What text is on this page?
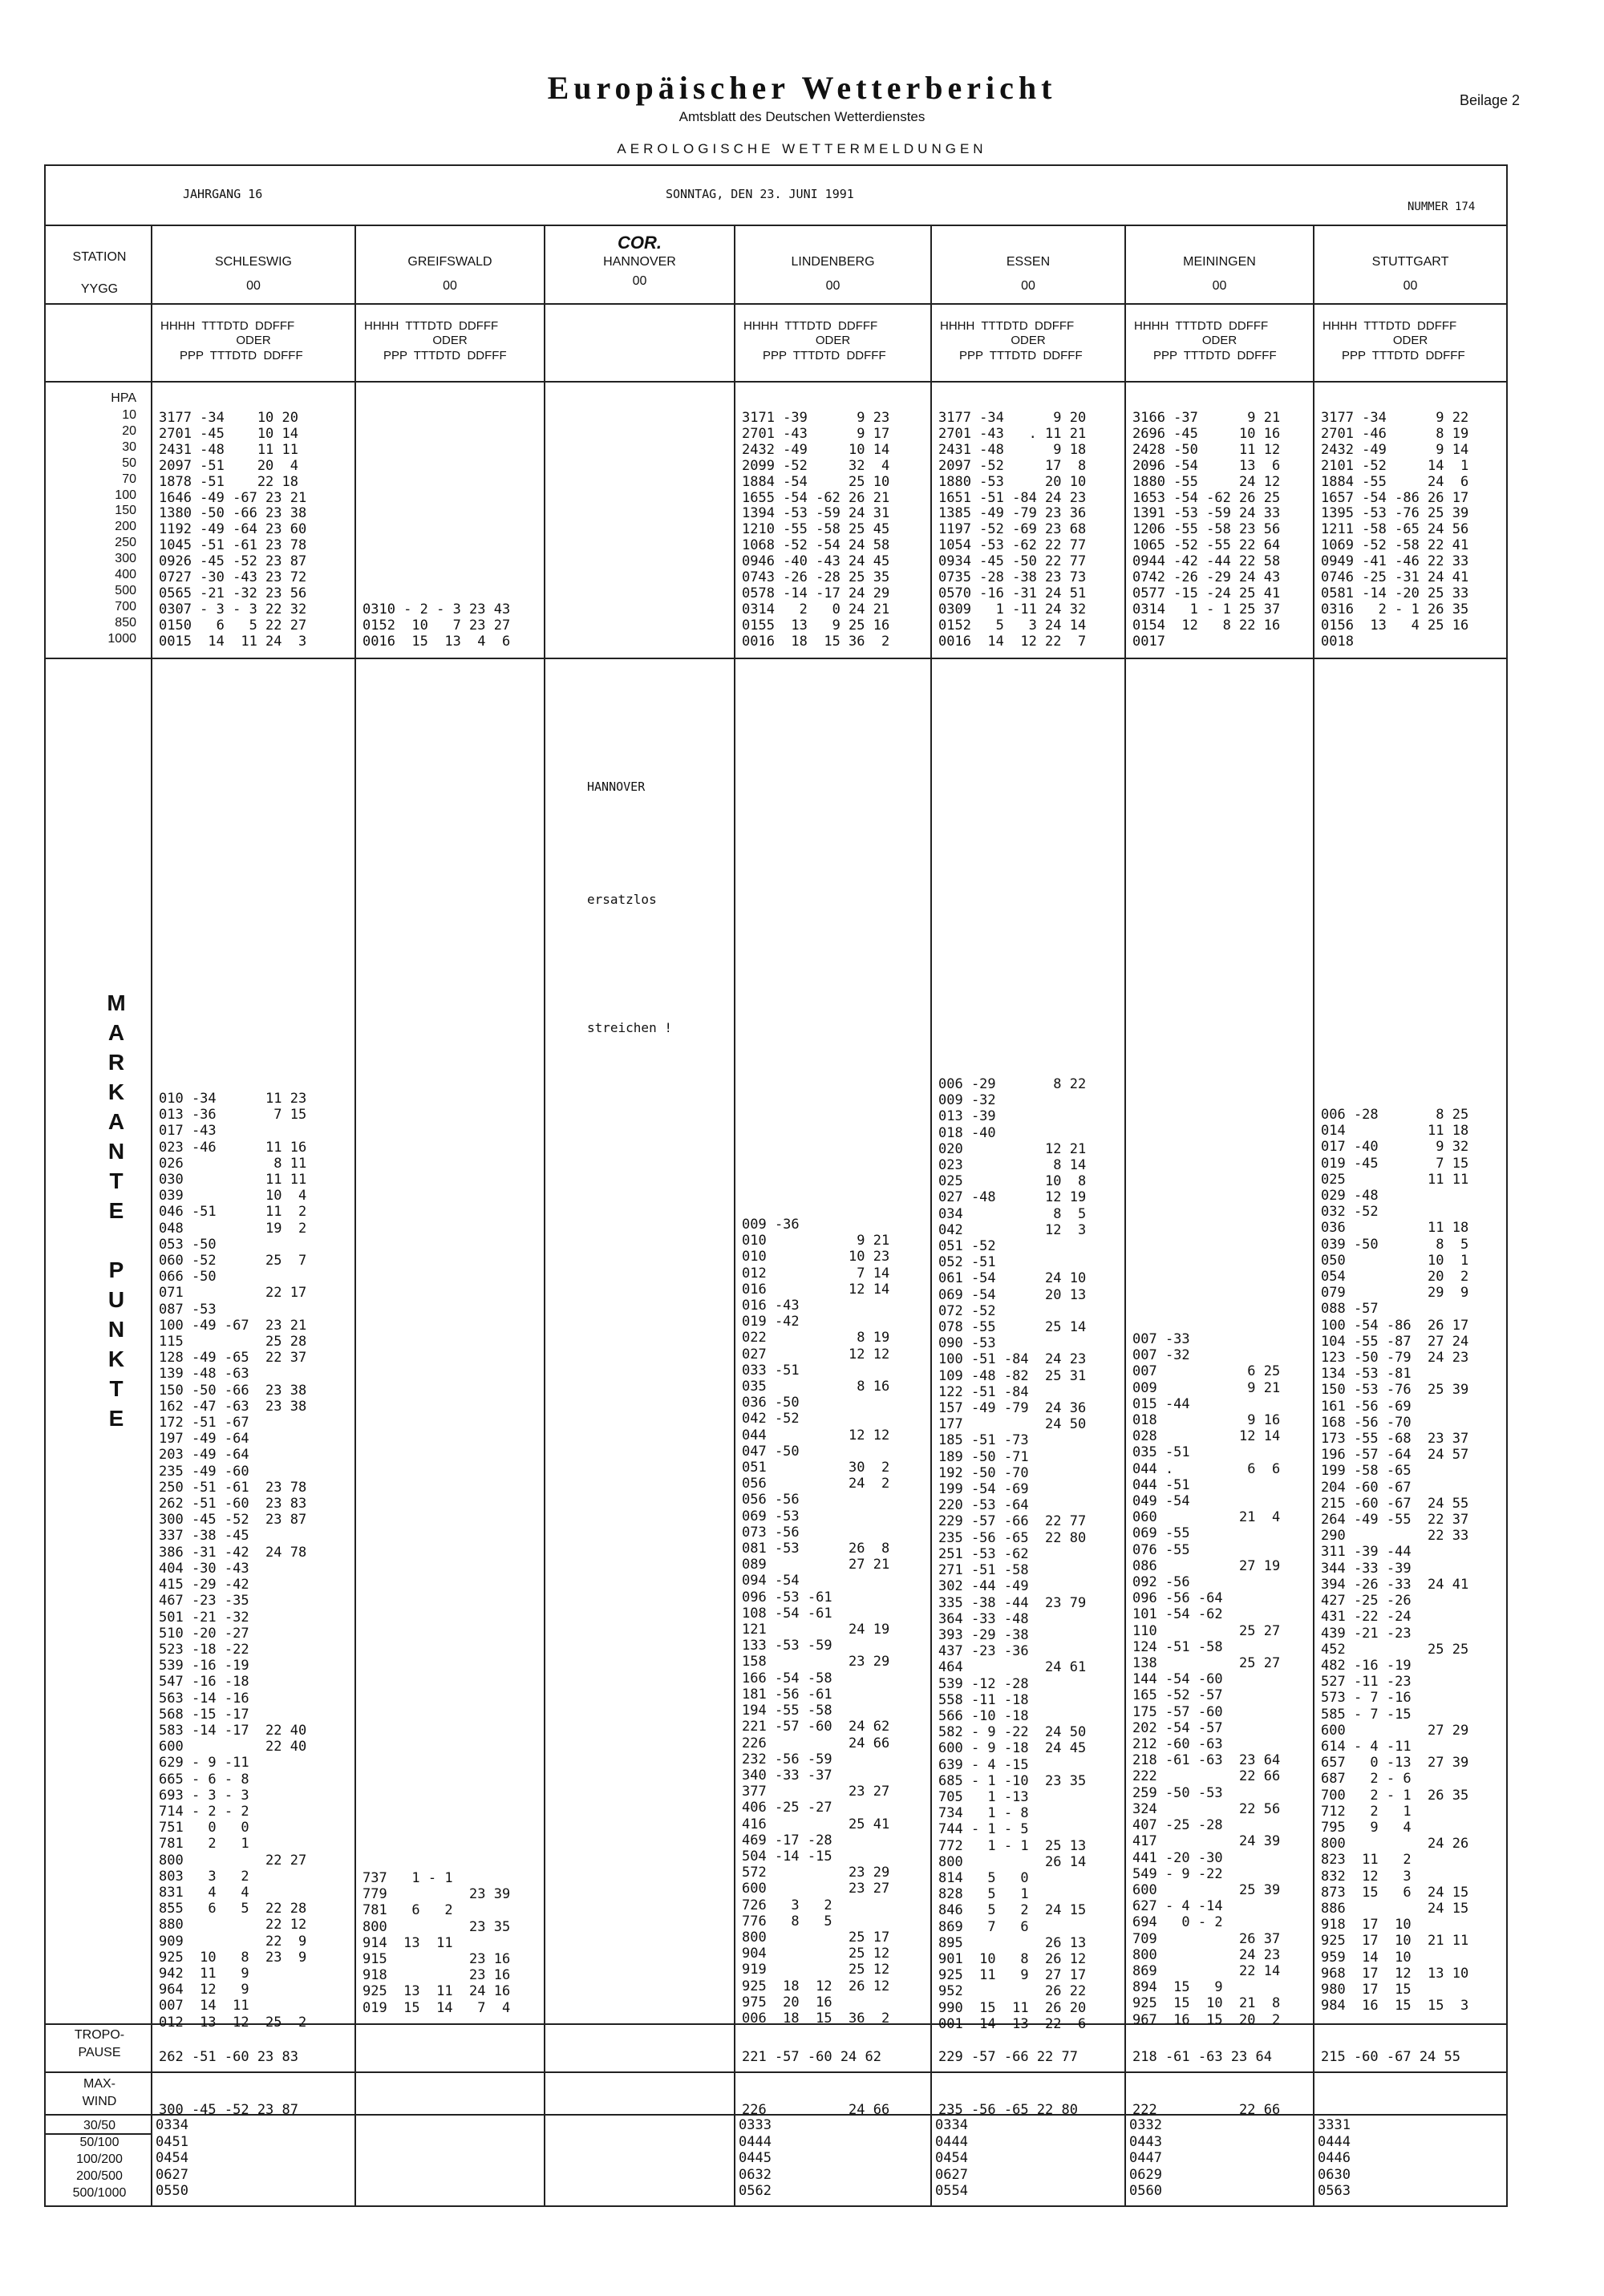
Europäischer Wetterbericht
Amtsblatt des Deutschen Wetterdienstes
AEROLOGISCHE WETTERMELDUNGEN
Beilage 2
JAHRGANG 16	SONNTAG, DEN 23. JUNI 1991
NUMMER 174
STATION
YYGG
HPA
10
20
30
50
70
100
150
200
250
300
400
500
700
850
1000
M
A
R
K
A
N
T
E
P
U
N
K
T
E
TROPO-
PAUSE
MAX-
WIND
30/50
50/100
100/200
200/500
500/1000
SCHLESWIG
00
HHHH  TTTDTD  DDFFF
ODER
PPP  TTTDTD  DDFFF
3177 -34    10 20
2701 -45    10 14
2431 -48    11 11
2097 -51    20  4
1878 -51    22 18
1646 -49 -67 23 21
1380 -50 -66 23 38
1192 -49 -64 23 60
1045 -51 -61 23 78
0926 -45 -52 23 87
0727 -30 -43 23 72
0565 -21 -32 23 56
0307 - 3 - 3 22 32
0150   6   5 22 27
0015  14  11 24  3
010 -34      11 23
013 -36       7 15
017 -43
023 -46      11 16
026           8 11
030          11 11
039          10  4
046 -51      11  2
048          19  2
053 -50
060 -52      25  7
066 -50
071          22 17
087 -53
100 -49 -67  23 21
115          25 28
128 -49 -65  22 37
139 -48 -63
150 -50 -66  23 38
162 -47 -63  23 38
172 -51 -67
197 -49 -64
203 -49 -64
235 -49 -60
250 -51 -61  23 78
262 -51 -60  23 83
300 -45 -52  23 87
337 -38 -45
386 -31 -42  24 78
404 -30 -43
415 -29 -42
467 -23 -35
501 -21 -32
510 -20 -27
523 -18 -22
539 -16 -19
547 -16 -18
563 -14 -16
568 -15 -17
583 -14 -17  22 40
600          22 40
629 - 9 -11
665 - 6 - 8
693 - 3 - 3
714 - 2 - 2
751   0   0
781   2   1
800          22 27
803   3   2
831   4   4
855   6   5  22 28
880          22 12
909          22  9
925  10   8  23  9
942  11   9
964  12   9
007  14  11
012  13  12  25  2
262 -51 -60 23 83
300 -45 -52 23 87
0334
0451
0454
0627
0550
GREIFSWALD
00
HHHH  TTTDTD  DDFFF
ODER
PPP  TTTDTD  DDFFF

0310 - 2 - 3 23 43
0152  10   7 23 27
0016  15  13  4  6
737   1 - 1
779          23 39
781   6   2
800          23 35
914  13  11
915          23 16
918          23 16
925  13  11  24 16
019  15  14   7  4
COR.
HANNOVER
00
HANNOVER
ersatzlos
streichen !
LINDENBERG
00
HHHH  TTTDTD  DDFFF
ODER
PPP  TTTDTD  DDFFF
3171 -39      9 23
2701 -43      9 17
2432 -49     10 14
2099 -52     32  4
1884 -54     25 10
1655 -54 -62 26 21
1394 -53 -59 24 31
1210 -55 -58 25 45
1068 -52 -54 24 58
0946 -40 -43 24 45
0743 -26 -28 25 35
0578 -14 -17 24 29
0314   2   0 24 21
0155  13   9 25 16
0016  18  15 36  2
009 -36
010           9 21
010          10 23
012           7 14
016          12 14
016 -43
019 -42
022           8 19
027          12 12
033 -51
035           8 16
036 -50
042 -52
044          12 12
047 -50
051          30  2
056          24  2
056 -56
069 -53
073 -56
081 -53      26  8
089          27 21
094 -54
096 -53 -61
108 -54 -61
121          24 19
133 -53 -59
158          23 29
166 -54 -58
181 -56 -61
194 -55 -58
221 -57 -60  24 62
226          24 66
232 -56 -59
340 -33 -37
377          23 27
406 -25 -27
416          25 41
469 -17 -28
504 -14 -15
572          23 29
600          23 27
726   3   2
776   8   5
800          25 17
904          25 12
919          25 12
925  18  12  26 12
975  20  16
006  18  15  36  2
221 -57 -60 24 62
226          24 66
0333
0444
0445
0632
0562
ESSEN
00
HHHH  TTTDTD  DDFFF
ODER
PPP  TTTDTD  DDFFF
3177 -34      9 20
2701 -43   . 11 21
2431 -48      9 18
2097 -52     17  8
1880 -53     20 10
1651 -51 -84 24 23
1385 -49 -79 23 36
1197 -52 -69 23 68
1054 -53 -62 22 77
0934 -45 -50 22 77
0735 -28 -38 23 73
0570 -16 -31 24 51
0309   1 -11 24 32
0152   5   3 24 14
0016  14  12 22  7
006 -29       8 22
009 -32
013 -39
018 -40
020          12 21
023           8 14
025          10  8
027 -48      12 19
034           8  5
042          12  3
051 -52
052 -51
061 -54      24 10
069 -54      20 13
072 -52
078 -55      25 14
090 -53
100 -51 -84  24 23
109 -48 -82  25 31
122 -51 -84
157 -49 -79  24 36
177          24 50
185 -51 -73
189 -50 -71
192 -50 -70
199 -54 -69
220 -53 -64
229 -57 -66  22 77
235 -56 -65  22 80
251 -53 -62
271 -51 -58
302 -44 -49
335 -38 -44  23 79
364 -33 -48
393 -29 -38
437 -23 -36
464          24 61
539 -12 -28
558 -11 -18
566 -10 -18
582 - 9 -22  24 50
600 - 9 -18  24 45
639 - 4 -15
685 - 1 -10  23 35
705   1 -13
734   1 - 8
744 - 1 - 5
772   1 - 1  25 13
800          26 14
814   5   0
828   5   1
846   5   2  24 15
869   7   6
895          26 13
901  10   8  26 12
925  11   9  27 17
952          26 22
990  15  11  26 20
001  14  13  22  6
229 -57 -66 22 77
235 -56 -65 22 80
0334
0444
0454
0627
0554
MEININGEN
00
HHHH  TTTDTD  DDFFF
ODER
PPP  TTTDTD  DDFFF
3166 -37      9 21
2696 -45     10 16
2428 -50     11 12
2096 -54     13  6
1880 -55     24 12
1653 -54 -62 26 25
1391 -53 -59 24 33
1206 -55 -58 23 56
1065 -52 -55 22 64
0944 -42 -44 22 58
0742 -26 -29 24 43
0577 -15 -24 25 41
0314   1 - 1 25 37
0154  12   8 22 16
0017
007 -33
007 -32
007           6 25
009           9 21
015 -44
018           9 16
028          12 14
035 -51
044 .         6  6
044 -51
049 -54
060          21  4
069 -55
076 -55
086          27 19
092 -56
096 -56 -64
101 -54 -62
110          25 27
124 -51 -58
138          25 27
144 -54 -60
165 -52 -57
175 -57 -60
202 -54 -57
212 -60 -63
218 -61 -63  23 64
222          22 66
259 -50 -53
324          22 56
407 -25 -28
417          24 39
441 -20 -30
549 - 9 -22
600          25 39
627 - 4 -14
694   0 - 2
709          26 37
800          24 23
869          22 14
894  15   9
925  15  10  21  8
967  16  15  20  2
218 -61 -63 23 64
222          22 66
0332
0443
0447
0629
0560
STUTTGART
00
HHHH  TTTDTD  DDFFF
ODER
PPP  TTTDTD  DDFFF
3177 -34      9 22
2701 -46      8 19
2432 -49      9 14
2101 -52     14  1
1884 -55     24  6
1657 -54 -86 26 17
1395 -53 -76 25 39
1211 -58 -65 24 56
1069 -52 -58 22 41
0949 -41 -46 22 33
0746 -25 -31 24 41
0581 -14 -20 25 33
0316   2 - 1 26 35
0156  13   4 25 16
0018
006 -28       8 25
014          11 18
017 -40       9 32
019 -45       7 15
025          11 11
029 -48
032 -52
036          11 18
039 -50       8  5
050          10  1
054          20  2
079          29  9
088 -57
100 -54 -86  26 17
104 -55 -87  27 24
123 -50 -79  24 23
134 -53 -81
150 -53 -76  25 39
161 -56 -69
168 -56 -70
173 -55 -68  23 37
196 -57 -64  24 57
199 -58 -65
204 -60 -67
215 -60 -67  24 55
264 -49 -55  22 37
290          22 33
311 -39 -44
344 -33 -39
394 -26 -33  24 41
427 -25 -26
431 -22 -24
439 -21 -23
452          25 25
482 -16 -19
527 -11 -23
573 - 7 -16
585 - 7 -15
600          27 29
614 - 4 -11
657   0 -13  27 39
687   2 - 6
700   2 - 1  26 35
712   2   1
795   9   4
800          24 26
823  11   2
832  12   3
873  15   6  24 15
886          24 15
918  17  10
925  17  10  21 11
959  14  10
968  17  12  13 10
980  17  15
984  16  15  15  3
215 -60 -67 24 55
3331
0444
0446
0630
0563
